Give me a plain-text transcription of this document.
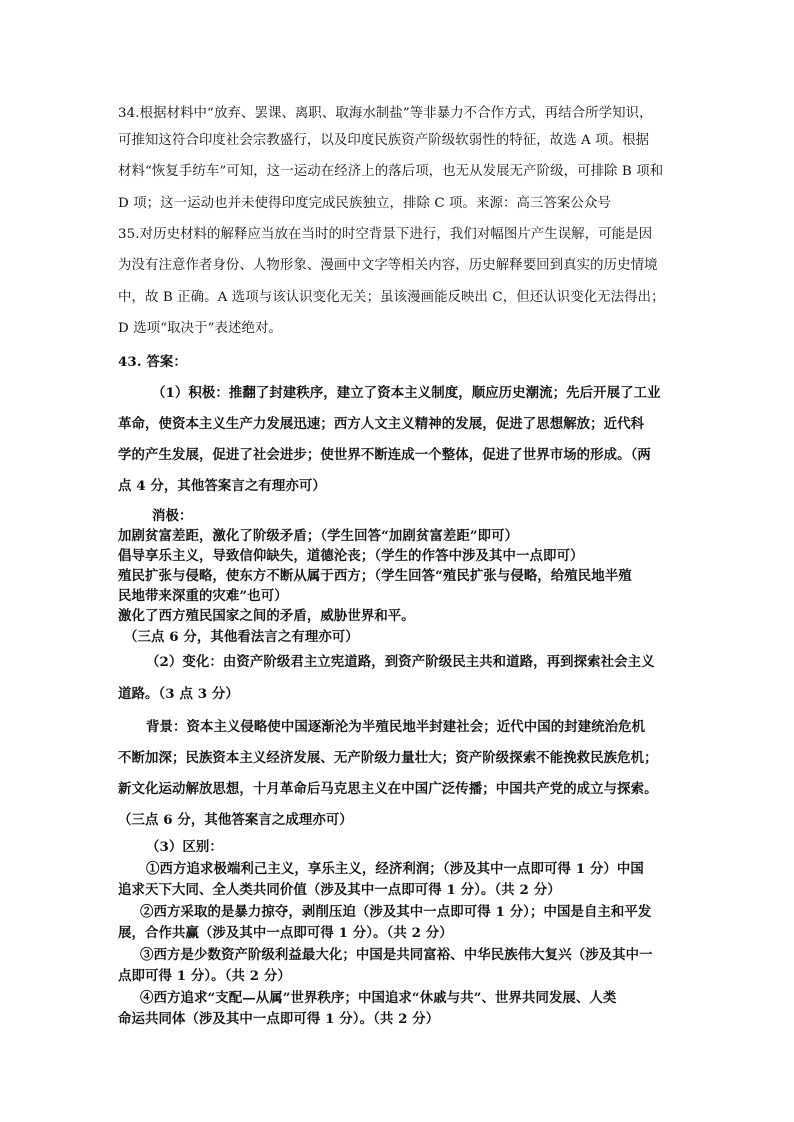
34.根据材料中“放弃、罢课、离职、取海水制盐”等非暴力不合作方式，再结合所学知识，
可推知这符合印度社会宗教盛行，以及印度民族资产阶级软弱性的特征，故选 A 项。根据
材料“恢复手纺车”可知，这一运动在经济上的落后项，也无从发展无产阶级，可排除 B 项和
D 项；这一运动也并未使得印度完成民族独立，排除 C 项。来源：高三答案公众号
35.对历史材料的解释应当放在当时的时空背景下进行，我们对幅图片产生误解，可能是因
为没有注意作者身份、人物形象、漫画中文字等相关内容，历史解释要回到真实的历史情境
中，故 B 正确。A 选项与该认识变化无关；虽该漫画能反映出 C，但还认识变化无法得出；
D 选项“取决于”表述绝对。
43. 答案：
（1）积极：推翻了封建秩序，建立了资本主义制度，顺应历史潮流；先后开展了工业
革命，使资本主义生产力发展迅速；西方人文主义精神的发展，促进了思想解放；近代科
学的产生发展，促进了社会进步；使世界不断连成一个整体，促进了世界市场的形成。（两
点 4 分，其他答案言之有理亦可）
消极：
加剧贫富差距，激化了阶级矛盾；（学生回答“加剧贫富差距”即可）
倡导享乐主义，导致信仰缺失，道德沦丧；（学生的作答中涉及其中一点即可）
殖民扩张与侵略，使东方不断从属于西方；（学生回答“殖民扩张与侵略，给殖民地半殖
民地带来深重的灾难”也可）
激化了西方殖民国家之间的矛盾，威胁世界和平。
（三点 6 分，其他看法言之有理亦可）
（2）变化：由资产阶级君主立宪道路，到资产阶级民主共和道路，再到探索社会主义
道路。（3 点 3 分）
背景：资本主义侵略使中国逐渐沦为半殖民地半封建社会；近代中国的封建统治危机
不断加深；民族资本主义经济发展、无产阶级力量壮大；资产阶级探索不能挽救民族危机；
新文化运动解放思想，十月革命后马克思主义在中国广泛传播；中国共产党的成立与探索。
（三点 6 分，其他答案言之成理亦可）
（3）区别：
①西方追求极端利己主义，享乐主义，经济利润；（涉及其中一点即可得 1 分）中国
追求天下大同、全人类共同价值（涉及其中一点即可得 1 分）。（共 2 分）
②西方采取的是暴力掠夺，剥削压迫（涉及其中一点即可得 1 分）；中国是自主和平发
展，合作共赢（涉及其中一点即可得 1 分）。（共 2 分）
③西方是少数资产阶级利益最大化；中国是共同富裕、中华民族伟大复兴（涉及其中一
点即可得 1 分）。（共 2 分）
④西方追求“支配—从属”世界秩序；中国追求“休戚与共”、世界共同发展、人类
命运共同体（涉及其中一点即可得 1 分）。（共 2 分）
